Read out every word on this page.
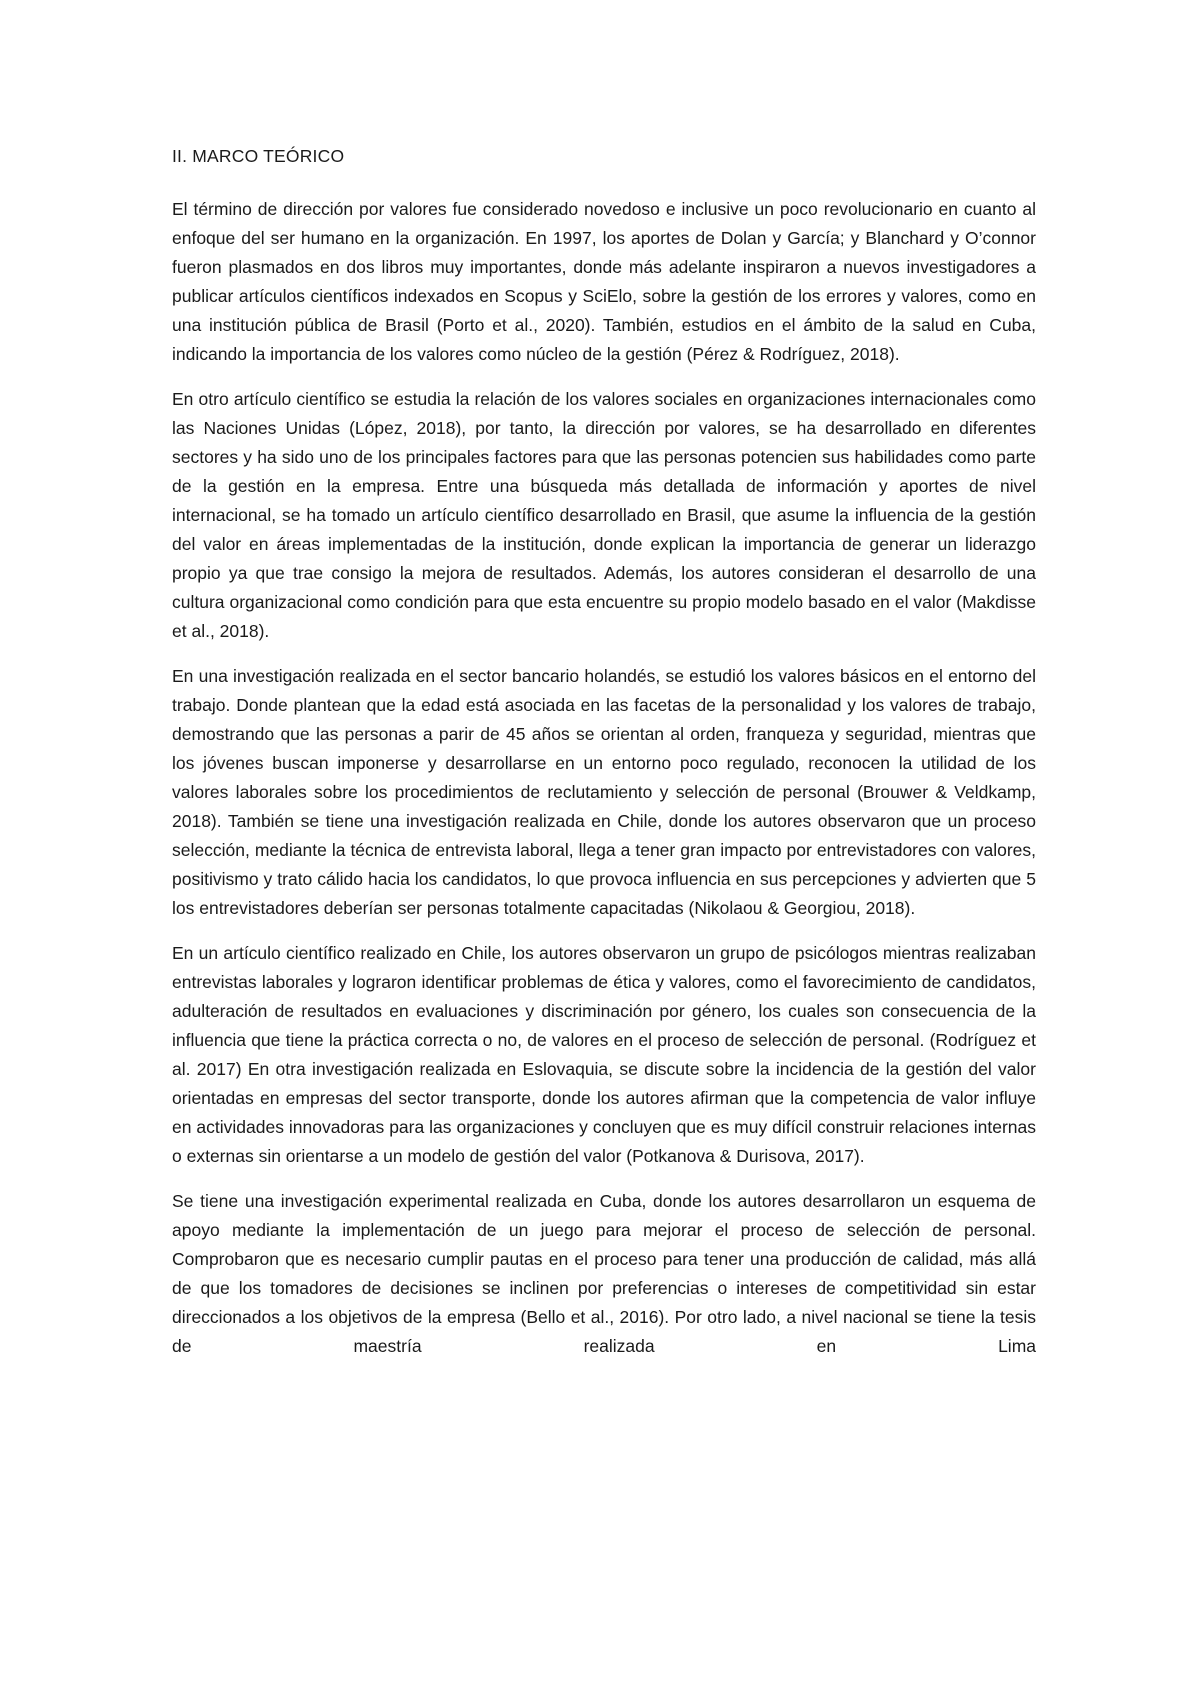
II. MARCO TEÓRICO

El término de dirección por valores fue considerado novedoso e inclusive un poco revolucionario en cuanto al enfoque del ser humano en la organización. En 1997, los aportes de Dolan y García; y Blanchard y O’connor fueron plasmados en dos libros muy importantes, donde más adelante inspiraron a nuevos investigadores a publicar artículos científicos indexados en Scopus y SciElo, sobre la gestión de los errores y valores, como en una institución pública de Brasil (Porto et al., 2020). También, estudios en el ámbito de la salud en Cuba, indicando la importancia de los valores como núcleo de la gestión (Pérez & Rodríguez, 2018).

En otro artículo científico se estudia la relación de los valores sociales en organizaciones internacionales como las Naciones Unidas (López, 2018), por tanto, la dirección por valores, se ha desarrollado en diferentes sectores y ha sido uno de los principales factores para que las personas potencien sus habilidades como parte de la gestión en la empresa. Entre una búsqueda más detallada de información y aportes de nivel internacional, se ha tomado un artículo científico desarrollado en Brasil, que asume la influencia de la gestión del valor en áreas implementadas de la institución, donde explican la importancia de generar un liderazgo propio ya que trae consigo la mejora de resultados. Además, los autores consideran el desarrollo de una cultura organizacional como condición para que esta encuentre su propio modelo basado en el valor (Makdisse et al., 2018).

En una investigación realizada en el sector bancario holandés, se estudió los valores básicos en el entorno del trabajo. Donde plantean que la edad está asociada en las facetas de la personalidad y los valores de trabajo, demostrando que las personas a parir de 45 años se orientan al orden, franqueza y seguridad, mientras que los jóvenes buscan imponerse y desarrollarse en un entorno poco regulado, reconocen la utilidad de los valores laborales sobre los procedimientos de reclutamiento y selección de personal (Brouwer & Veldkamp, 2018). También se tiene una investigación realizada en Chile, donde los autores observaron que un proceso selección, mediante la técnica de entrevista laboral, llega a tener gran impacto por entrevistadores con valores, positivismo y trato cálido hacia los candidatos, lo que provoca influencia en sus percepciones y advierten que 5 los entrevistadores deberían ser personas totalmente capacitadas (Nikolaou & Georgiou, 2018).

En un artículo científico realizado en Chile, los autores observaron un grupo de psicólogos mientras realizaban entrevistas laborales y lograron identificar problemas de ética y valores, como el favorecimiento de candidatos, adulteración de resultados en evaluaciones y discriminación por género, los cuales son consecuencia de la influencia que tiene la práctica correcta o no, de valores en el proceso de selección de personal. (Rodríguez et al. 2017) En otra investigación realizada en Eslovaquia, se discute sobre la incidencia de la gestión del valor orientadas en empresas del sector transporte, donde los autores afirman que la competencia de valor influye en actividades innovadoras para las organizaciones y concluyen que es muy difícil construir relaciones internas o externas sin orientarse a un modelo de gestión del valor (Potkanova & Durisova, 2017).

Se tiene una investigación experimental realizada en Cuba, donde los autores desarrollaron un esquema de apoyo mediante la implementación de un juego para mejorar el proceso de selección de personal. Comprobaron que es necesario cumplir pautas en el proceso para tener una producción de calidad, más allá de que los tomadores de decisiones se inclinen por preferencias o intereses de competitividad sin estar direccionados a los objetivos de la empresa (Bello et al., 2016). Por otro lado, a nivel nacional se tiene la tesis de maestría realizada en Lima
